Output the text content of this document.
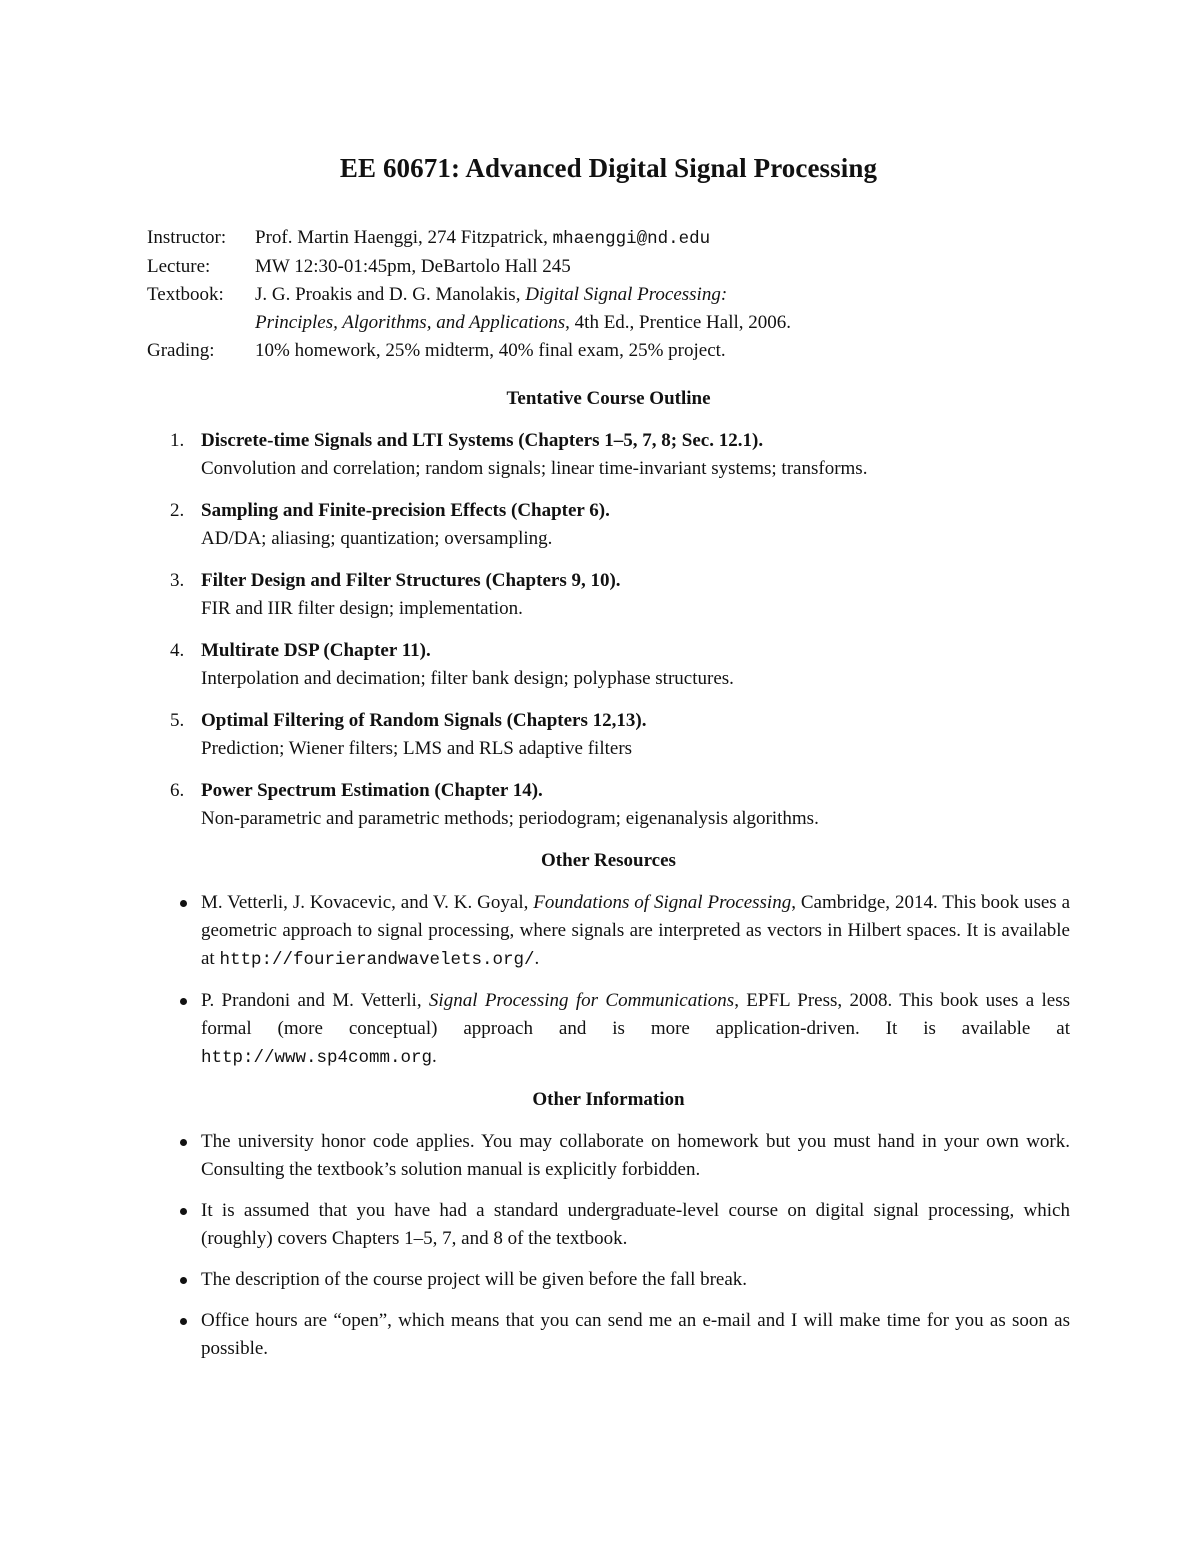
EE 60671: Advanced Digital Signal Processing
Instructor:	Prof. Martin Haenggi, 274 Fitzpatrick, mhaenggi@nd.edu
Lecture:	MW 12:30-01:45pm, DeBartolo Hall 245
Textbook:	J. G. Proakis and D. G. Manolakis, Digital Signal Processing:
Principles, Algorithms, and Applications, 4th Ed., Prentice Hall, 2006.
Grading:	10% homework, 25% midterm, 40% final exam, 25% project.
Tentative Course Outline
1. Discrete-time Signals and LTI Systems (Chapters 1–5, 7, 8; Sec. 12.1).
Convolution and correlation; random signals; linear time-invariant systems; transforms.
2. Sampling and Finite-precision Effects (Chapter 6).
AD/DA; aliasing; quantization; oversampling.
3. Filter Design and Filter Structures (Chapters 9, 10).
FIR and IIR filter design; implementation.
4. Multirate DSP (Chapter 11).
Interpolation and decimation; filter bank design; polyphase structures.
5. Optimal Filtering of Random Signals (Chapters 12,13).
Prediction; Wiener filters; LMS and RLS adaptive filters
6. Power Spectrum Estimation (Chapter 14).
Non-parametric and parametric methods; periodogram; eigenanalysis algorithms.
Other Resources
M. Vetterli, J. Kovacevic, and V. K. Goyal, Foundations of Signal Processing, Cambridge, 2014. This book uses a geometric approach to signal processing, where signals are interpreted as vectors in Hilbert spaces. It is available at http://fourierandwavelets.org/.
P. Prandoni and M. Vetterli, Signal Processing for Communications, EPFL Press, 2008. This book uses a less formal (more conceptual) approach and is more application-driven. It is available at http://www.sp4comm.org.
Other Information
The university honor code applies. You may collaborate on homework but you must hand in your own work. Consulting the textbook’s solution manual is explicitly forbidden.
It is assumed that you have had a standard undergraduate-level course on digital signal processing, which (roughly) covers Chapters 1–5, 7, and 8 of the textbook.
The description of the course project will be given before the fall break.
Office hours are “open”, which means that you can send me an e-mail and I will make time for you as soon as possible.
